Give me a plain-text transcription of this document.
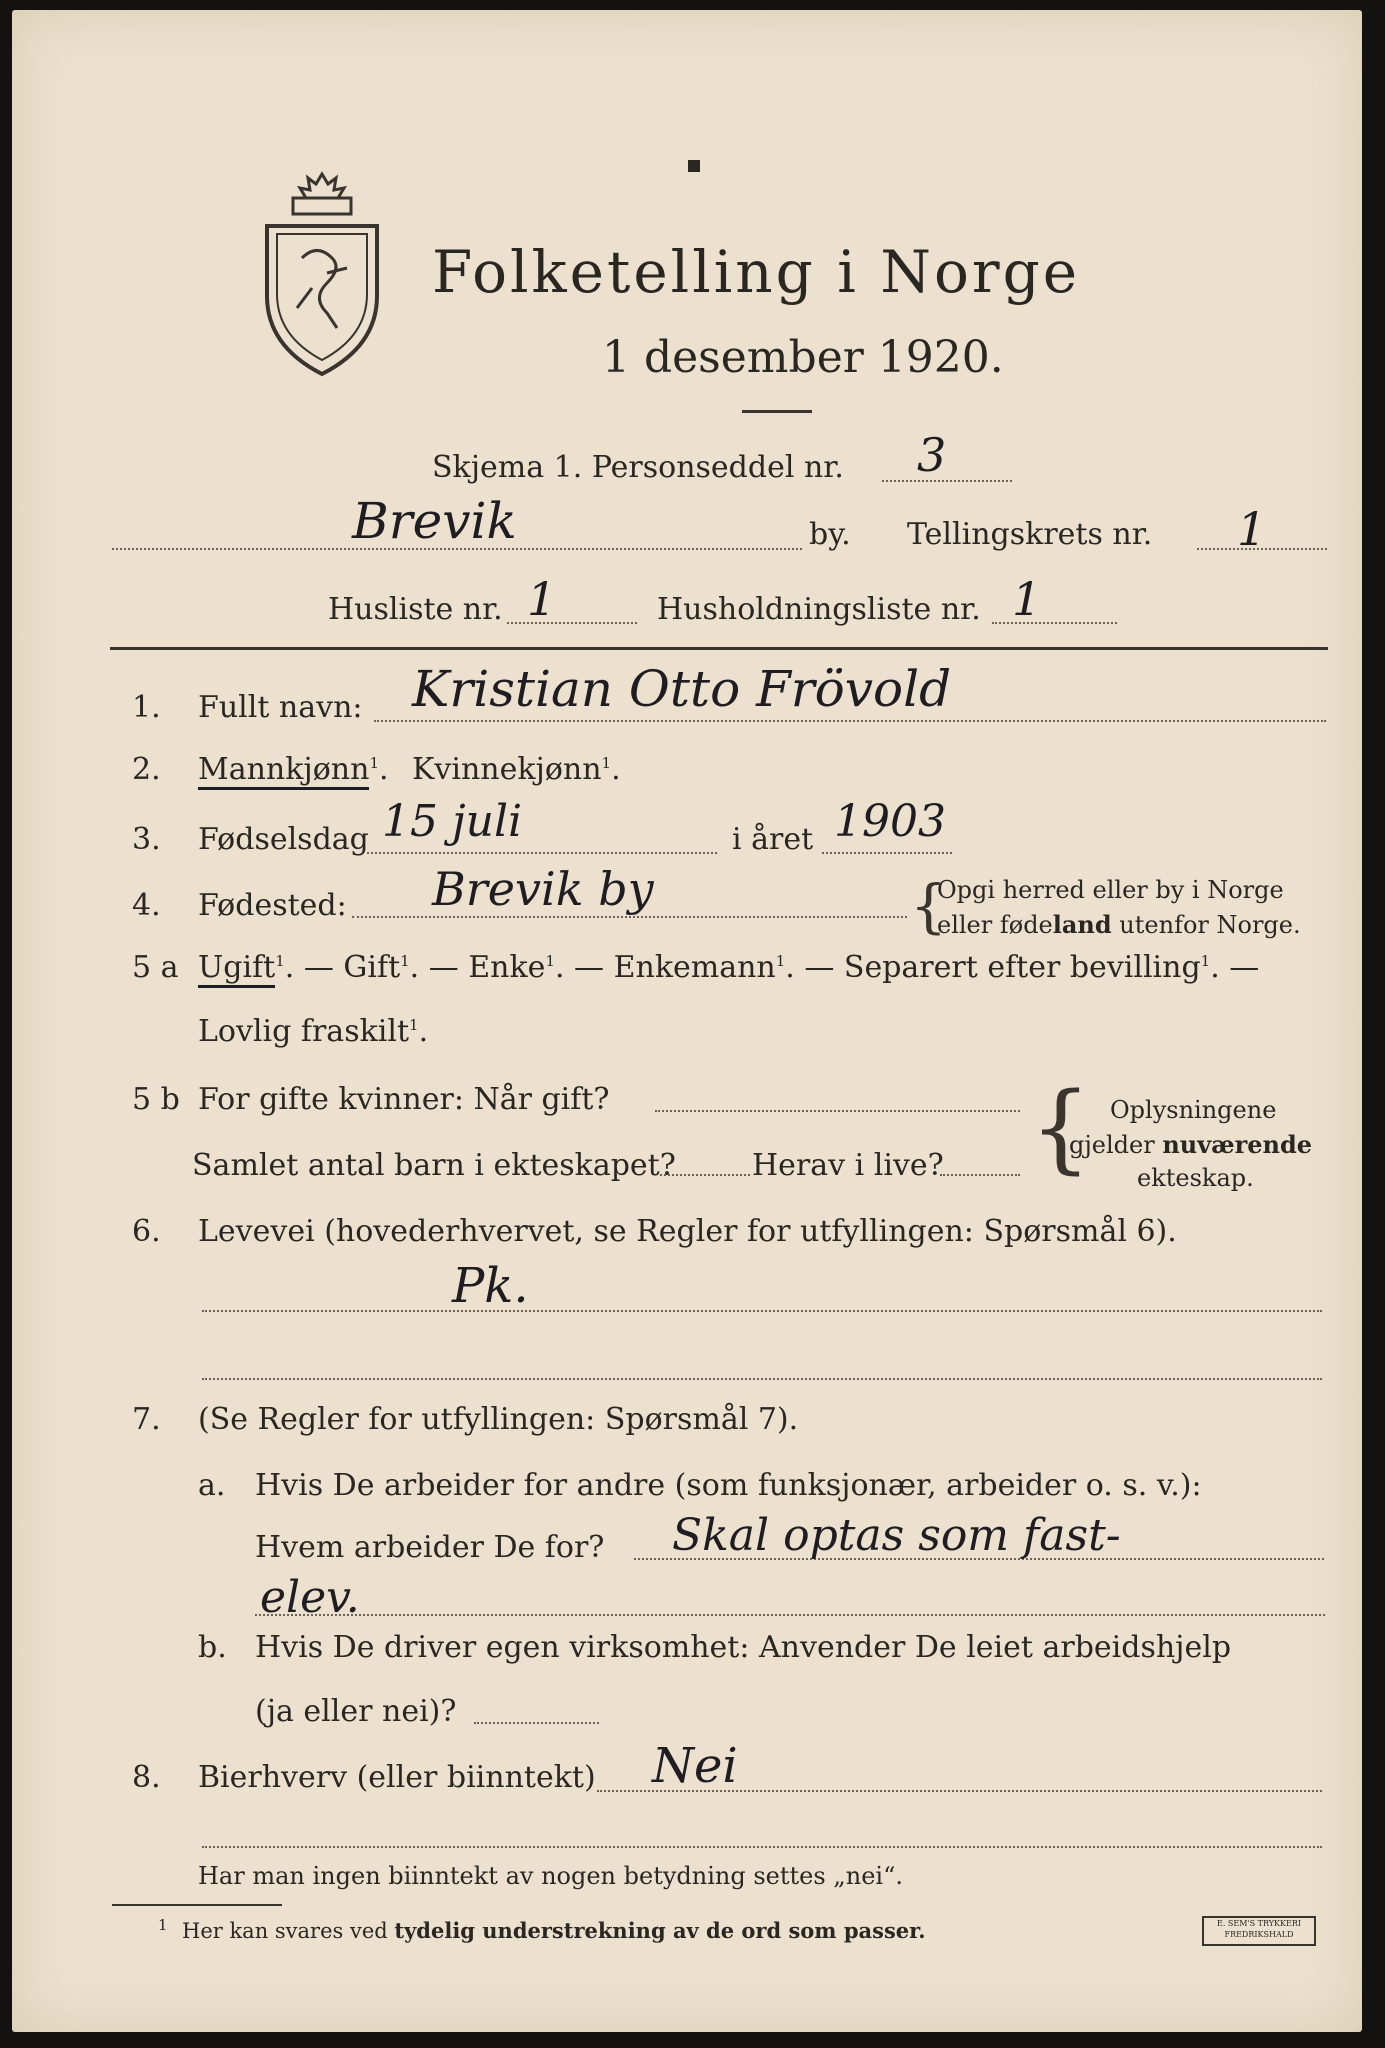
Folketelling i Norge
1 desember 1920.
Skjema 1. Personseddel nr. 3
Brevik	by. Tellingskrets nr. 1
Husliste nr. 1	Husholdningsliste nr. 1
1. Fullt navn: Kristian Otto Frövold
2. Mannkjønn$^1$. Kvinnekjønn$^1$.
3. Fødselsdag 15 juli	i året 1903
4. Fødested: Brevik by	{
Opgi herred eller by i Norge
eller fødeland utenfor Norge.
5 a Ugift$^1$. — Gift$^1$. — Enke$^1$. — Enkemann$^1$. — Separert efter bevilling$^1$. —
Lovlig fraskilt$^1$.
5 b For gifte kvinner: Når gift?
Samlet antal barn i ekteskapet?	Herav i live? { Oplysningene
gjelder nuværende
ekteskap.
6. Levevei (hovederhvervet, se Regler for utfyllingen: Spørsmål 6).
Pk.
7. (Se Regler for utfyllingen: Spørsmål 7).
a. Hvis De arbeider for andre (som funksjonær, arbeider o. s. v.):
Hvem arbeider De for? Skal optas som fast-
elev.
b. Hvis De driver egen virksomhet: Anvender De leiet arbeidshjelp
(ja eller nei)?
8. Bierhverv (eller biinntekt) Nei
Har man ingen biinntekt av nogen betydning settes „nei“.
1 Her kan svares ved tydelig understrekning av de ord som passer.	E. SEM'S TRYKKERI
FREDRIKSHALD
